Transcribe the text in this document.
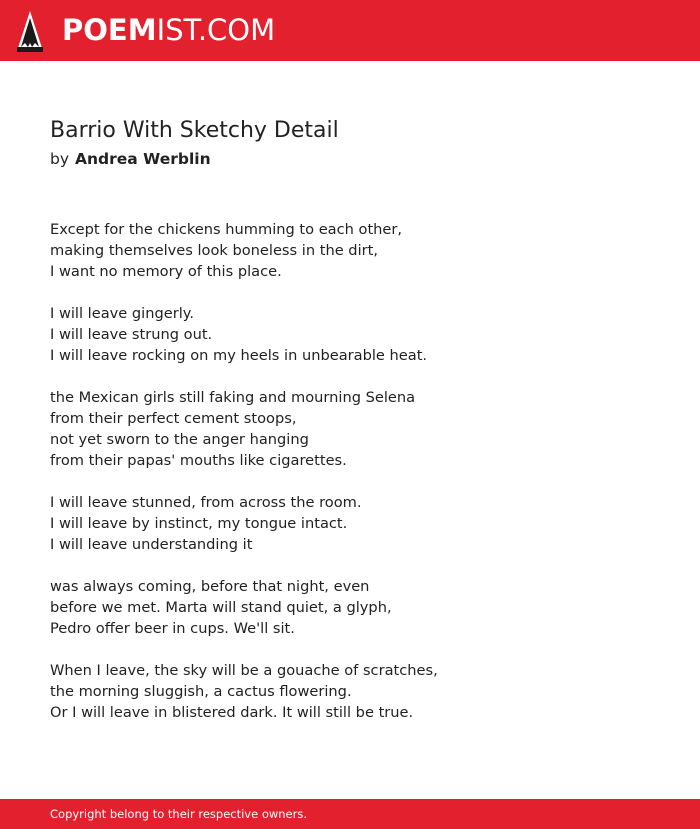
POEMIST.COM
Barrio With Sketchy Detail
by Andrea Werblin
Except for the chickens humming to each other,
making themselves look boneless in the dirt,
I want no memory of this place.
I will leave gingerly.
I will leave strung out.
I will leave rocking on my heels in unbearable heat.
the Mexican girls still faking and mourning Selena
from their perfect cement stoops,
not yet sworn to the anger hanging
from their papas' mouths like cigarettes.
I will leave stunned, from across the room.
I will leave by instinct, my tongue intact.
I will leave understanding it
was always coming, before that night, even
before we met. Marta will stand quiet, a glyph,
Pedro offer beer in cups. We'll sit.
When I leave, the sky will be a gouache of scratches,
the morning sluggish, a cactus flowering.
Or I will leave in blistered dark. It will still be true.
Copyright belong to their respective owners.
